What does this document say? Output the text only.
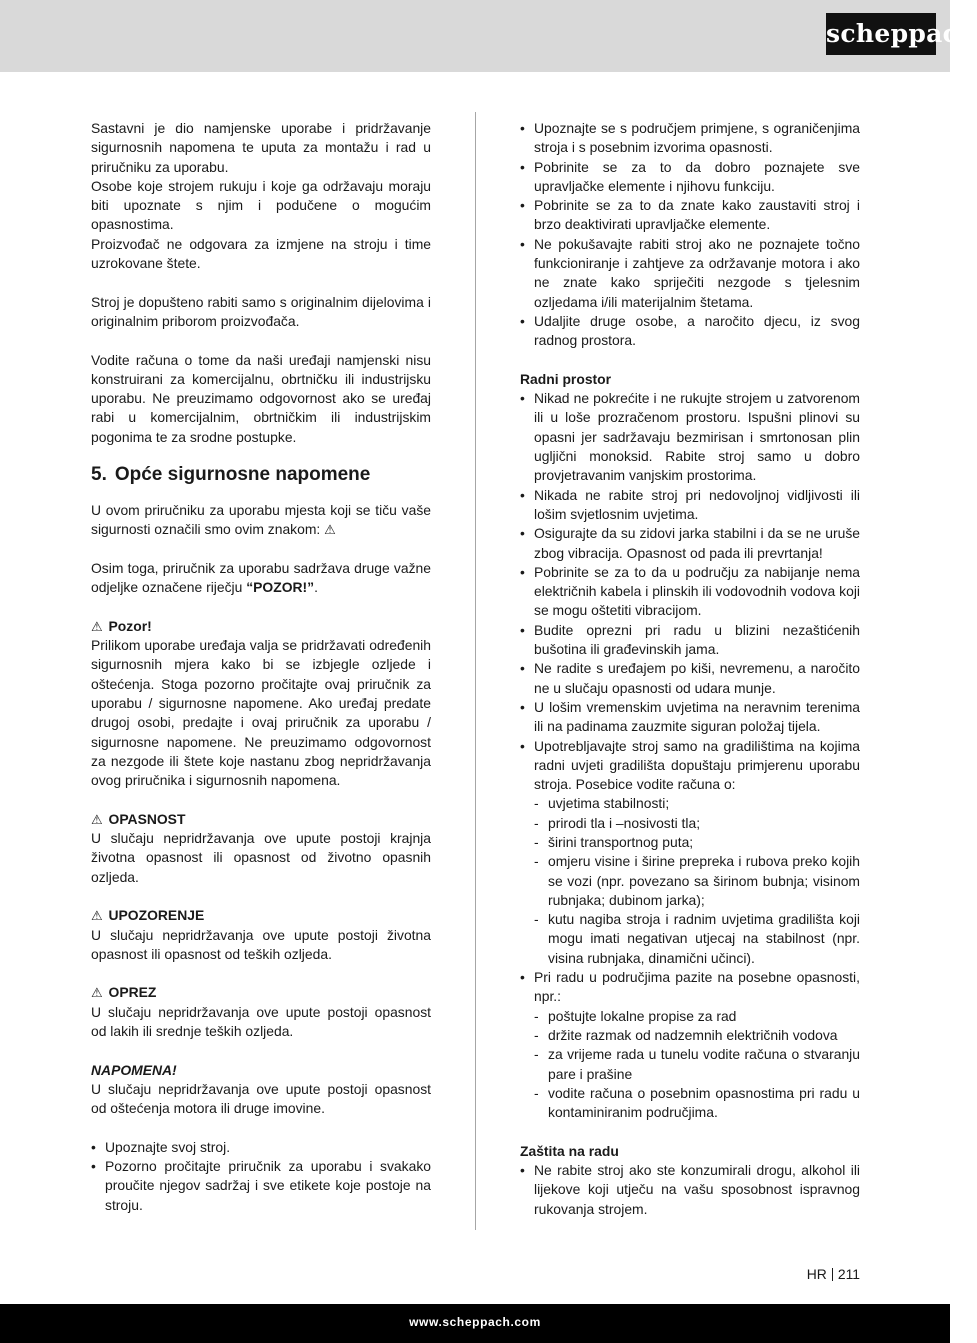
scheppach

Sastavni je dio namjenske uporabe i pridržavanje sigurnosnih napomena te uputa za montažu i rad u priručniku za uporabu.

Osobe koje strojem rukuju i koje ga održavaju moraju biti upoznate s njim i podučene o mogućim opasnostima.

Proizvođač ne odgovara za izmjene na stroju i time uzrokovane štete.

Stroj je dopušteno rabiti samo s originalnim dijelovima i originalnim priborom proizvođača.

Vodite računa o tome da naši uređaji namjenski nisu konstruirani za komercijalnu, obrtničku ili industrijsku uporabu. Ne preuzimamo odgovornost ako se uređaj rabi u komercijalnim, obrtničkim ili industrijskim pogonima te za srodne postupke.

5. Opće sigurnosne napomene

U ovom priručniku za uporabu mjesta koji se tiču vaše sigurnosti označili smo ovim znakom: ⚠

Osim toga, priručnik za uporabu sadržava druge važne odjeljke označene riječju “POZOR!”.

⚠ Pozor!

Prilikom uporabe uređaja valja se pridržavati određenih sigurnosnih mjera kako bi se izbjegle ozljede i oštećenja. Stoga pozorno pročitajte ovaj priručnik za uporabu / sigurnosne napomene. Ako uređaj predate drugoj osobi, predajte i ovaj priručnik za uporabu / sigurnosne napomene. Ne preuzimamo odgovornost za nezgode ili štete koje nastanu zbog nepridržavanja ovog priručnika i sigurnosnih napomena.

⚠ OPASNOST

U slučaju nepridržavanja ove upute postoji krajnja životna opasnost ili opasnost od životno opasnih ozljeda.

⚠ UPOZORENJE

U slučaju nepridržavanja ove upute postoji životna opasnost ili opasnost od teških ozljeda.

⚠ OPREZ

U slučaju nepridržavanja ove upute postoji opasnost od lakih ili srednje teških ozljeda.

NAPOMENA!

U slučaju nepridržavanja ove upute postoji opasnost od oštećenja motora ili druge imovine.

• Upoznajte svoj stroj.
• Pozorno pročitajte priručnik za uporabu i svakako proučite njegov sadržaj i sve etikete koje postoje na stroju.
• Upoznajte se s područjem primjene, s ograničenjima stroja i s posebnim izvorima opasnosti.
• Pobrinite se za to da dobro poznajete sve upravljačke elemente i njihovu funkciju.
• Pobrinite se za to da znate kako zaustaviti stroj i brzo deaktivirati upravljačke elemente.
• Ne pokušavajte rabiti stroj ako ne poznajete točno funkcioniranje i zahtjeve za održavanje motora i ako ne znate kako spriječiti nezgode s tjelesnim ozljedama i/ili materijalnim štetama.
• Udaljite druge osobe, a naročito djecu, iz svog radnog prostora.

Radni prostor

• Nikad ne pokrećite i ne rukujte strojem u zatvorenom ili u loše prozračenom prostoru. Ispušni plinovi su opasni jer sadržavaju bezmirisan i smrtonosan plin ugljični monoksid. Rabite stroj samo u dobro provjetravanim vanjskim prostorima.
• Nikada ne rabite stroj pri nedovoljnoj vidljivosti ili lošim svjetlosnim uvjetima.
• Osigurajte da su zidovi jarka stabilni i da se ne uruše zbog vibracija. Opasnost od pada ili prevrtanja!
• Pobrinite se za to da u području za nabijanje nema električnih kabela i plinskih ili vodovodnih vodova koji se mogu oštetiti vibracijom.
• Budite oprezni pri radu u blizini nezaštićenih bušotina ili građevinskih jama.
• Ne radite s uređajem po kiši, nevremenu, a naročito ne u slučaju opasnosti od udara munje.
• U lošim vremenskim uvjetima na neravnim terenima ili na padinama zauzmite siguran položaj tijela.
• Upotrebljavajte stroj samo na gradilištima na kojima radni uvjeti gradilišta dopuštaju primjerenu uporabu stroja. Posebice vodite računa o:
- uvjetima stabilnosti;
- prirodi tla i –nosivosti tla;
- širini transportnog puta;
- omjeru visine i širine prepreka i rubova preko kojih se vozi (npr. povezano sa širinom bubnja; visinom rubnjaka; dubinom jarka);
- kutu nagiba stroja i radnim uvjetima gradilišta koji mogu imati negativan utjecaj na stabilnost (npr. visina rubnjaka, dinamični učinci).
• Pri radu u područjima pazite na posebne opasnosti, npr.:
- poštujte lokalne propise za rad
- držite razmak od nadzemnih električnih vodova
- za vrijeme rada u tunelu vodite računa o stvaranju pare i prašine
- vodite računa o posebnim opasnostima pri radu u kontaminiranim područjima.

Zaštita na radu

• Ne rabite stroj ako ste konzumirali drogu, alkohol ili lijekove koji utječu na vašu sposobnost ispravnog rukovanja strojem.
HR 211
www.scheppach.com
